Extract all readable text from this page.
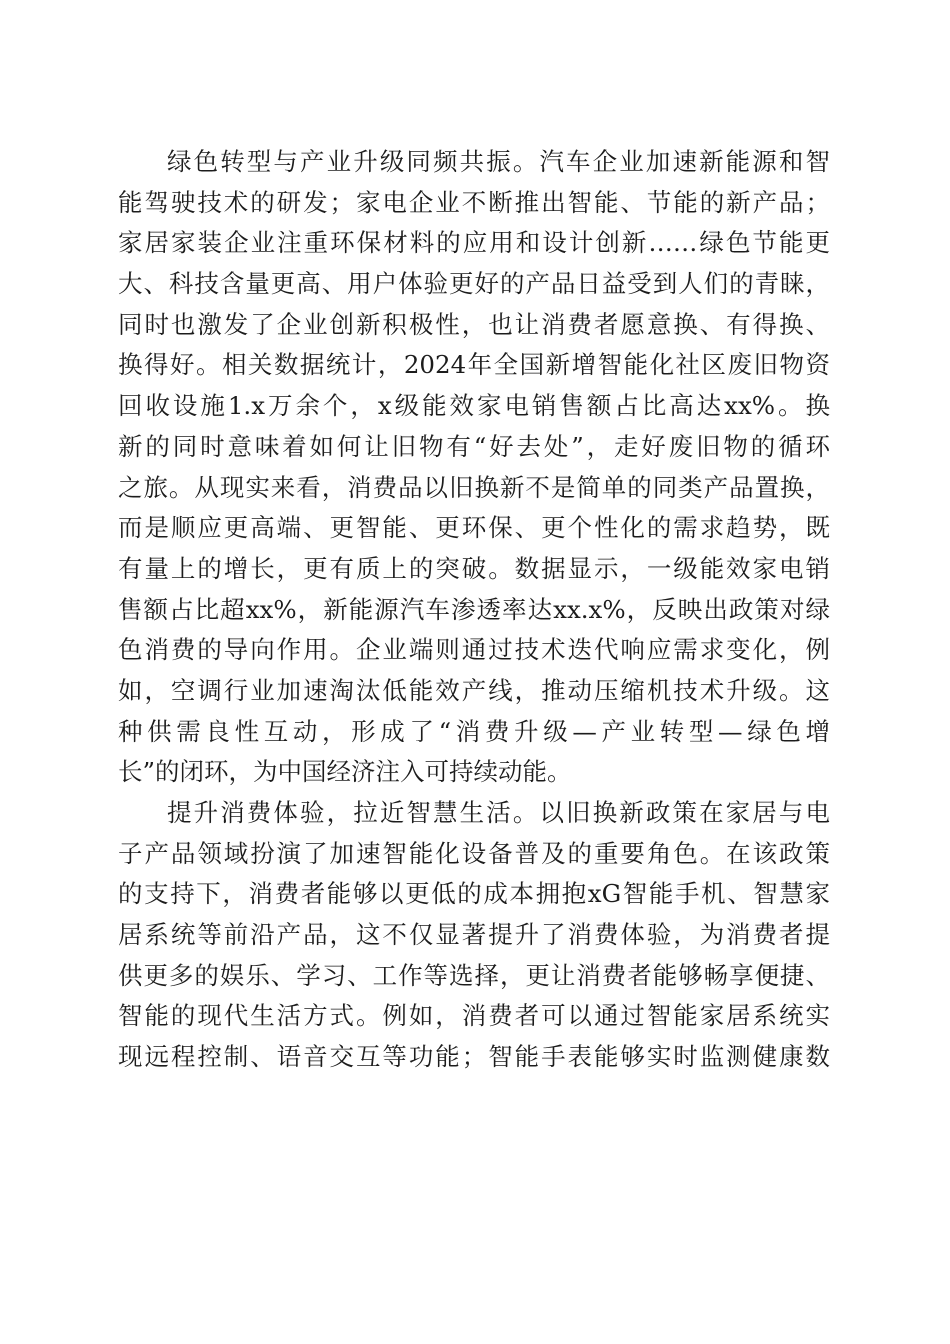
绿色转型与产业升级同频共振。汽车企业加速新能源和智
能驾驶技术的研发；家电企业不断推出智能、节能的新产品；
家居家装企业注重环保材料的应用和设计创新……绿色节能更
大、科技含量更高、用户体验更好的产品日益受到人们的青睐，
同时也激发了企业创新积极性，也让消费者愿意换、有得换、
换得好。相关数据统计，2024年全国新增智能化社区废旧物资
回收设施1.x万余个，x级能效家电销售额占比高达xx%。换
新的同时意味着如何让旧物有“好去处”，走好废旧物的循环
之旅。从现实来看，消费品以旧换新不是简单的同类产品置换，
而是顺应更高端、更智能、更环保、更个性化的需求趋势，既
有量上的增长，更有质上的突破。数据显示，一级能效家电销
售额占比超xx%，新能源汽车渗透率达xx.x%，反映出政策对绿
色消费的导向作用。企业端则通过技术迭代响应需求变化，例
如，空调行业加速淘汰低能效产线，推动压缩机技术升级。这
种供需良性互动，形成了“消费升级—产业转型—绿色增
长”的闭环，为中国经济注入可持续动能。
提升消费体验，拉近智慧生活。以旧换新政策在家居与电
子产品领域扮演了加速智能化设备普及的重要角色。在该政策
的支持下，消费者能够以更低的成本拥抱xG智能手机、智慧家
居系统等前沿产品，这不仅显著提升了消费体验，为消费者提
供更多的娱乐、学习、工作等选择，更让消费者能够畅享便捷、
智能的现代生活方式。例如，消费者可以通过智能家居系统实
现远程控制、语音交互等功能；智能手表能够实时监测健康数
